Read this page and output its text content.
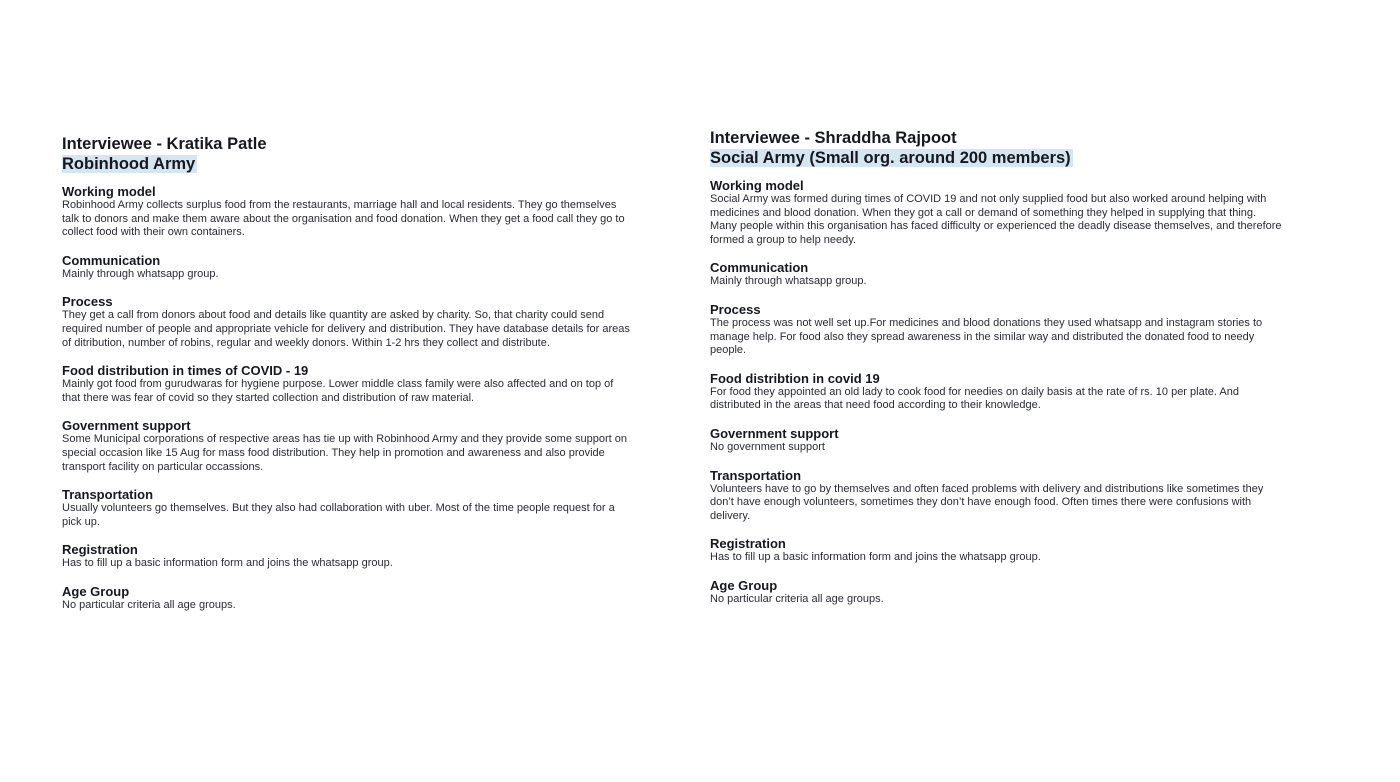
Interviewee - Kratika Patle
Robinhood Army
Working model

Robinhood Army collects surplus food from the restaurants, marriage hall and local residents. They go themselves talk to donors and make them aware about the organisation and food donation. When they get a food call they go to collect food with their own containers.

Communication

Mainly through whatsapp group.

Process

They get a call from donors about food and details like quantity are asked by charity. So, that charity could send required number of people and appropriate vehicle for delivery and distribution. They have database details for areas of ditribution, number of robins, regular and weekly donors. Within 1-2 hrs they collect and distribute.

Food distribution in times of COVID - 19

Mainly got food from gurudwaras for hygiene purpose. Lower middle class family were also affected and on top of that there was fear of covid so they started collection and distribution of raw material.

Government support

Some Municipal corporations of respective areas has tie up with Robinhood Army and they provide some support on special occasion like 15 Aug for mass food distribution. They help in promotion and awareness and also provide transport facility on particular occassions.

Transportation

Usually volunteers go themselves. But they also had collaboration with uber. Most of the time people request for a pick up.

Registration

Has to fill up a basic information form and joins the whatsapp group.

Age Group

No particular criteria all age groups.

Interviewee - Shraddha Rajpoot
Social Army (Small org. around 200 members)
Working model

Social Army was formed during times of COVID 19 and not only supplied food but also worked around helping with medicines and blood donation. When they got a call or demand of something they helped in supplying that thing. Many people within this organisation has faced difficulty or experienced the deadly disease themselves, and therefore formed a group to help needy.

Communication

Mainly through whatsapp group.

Process

The process was not well set up.For medicines and blood donations they used whatsapp and instagram stories to manage help. For food also they spread awareness in the similar way and distributed the donated food to needy people.

Food distribtion in covid 19

For food they appointed an old lady to cook food for needies on daily basis at the rate of rs. 10 per plate. And distributed in the areas that need food according to their knowledge.

Government support

No government support

Transportation

Volunteers have to go by themselves and often faced problems with delivery and distributions like sometimes they don’t have enough volunteers, sometimes they don’t have enough food. Often times there were confusions with delivery.

Registration

Has to fill up a basic information form and joins the whatsapp group.

Age Group

No particular criteria all age groups.
